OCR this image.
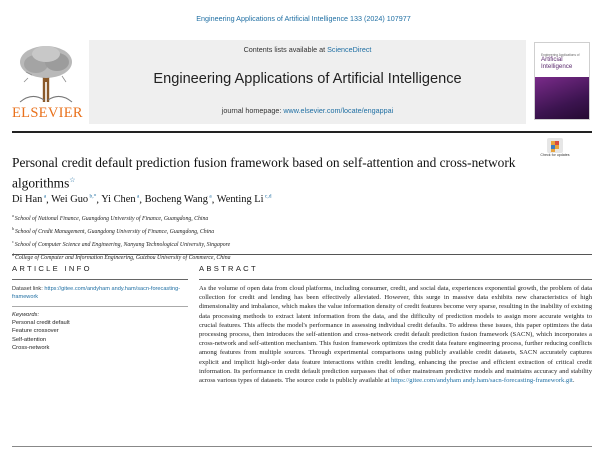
Engineering Applications of Artificial Intelligence 133 (2024) 107977
ELSEVIER
Contents lists available at ScienceDirect
Engineering Applications of Artificial Intelligence
journal homepage: www.elsevier.com/locate/engappai
Engineering Applications of
Artificial Intelligence
Check for updates
Personal credit default prediction fusion framework based on self-attention and cross-network algorithms☆
Di Han $^a$, Wei Guo $^{b,*}$, Yi Chen $^a$, Bocheng Wang $^a$, Wenting Li $^{c,d}$
$^a$ School of National Finance, Guangdong University of Finance, Guangdong, China
$^b$ School of Credit Management, Guangdong University of Finance, Guangdong, China
$^c$ School of Computer Science and Engineering, Nanyang Technological University, Singapore
College of Computer and Information Engineering, Guizhou University of Commerce, China
ARTICLE INFO	ABSTRACT
Dataset link: https://gitee.com/andyham andy.ham/sacn-forecasting-framework
Keywords:
Personal credit default
Feature crossover
Self-attention
Cross-network
As the volume of open data from cloud platforms, including consumer, credit, and social data, experiences exponential growth, the problem of data collection for credit and lending has been effectively alleviated. However, this surge in massive data exhibits new characteristics of high dimensionality and imbalance, which makes the value information density of credit features become very sparse, resulting in the inability of existing data processing methods to extract latent information from the data, and the difficulty of prediction models to assign more accurate weights to crucial features. This affects the model's performance in assessing individual credit defaults. To address these issues, this paper optimizes the data processing process, then introduces the self-attention and cross-network credit default prediction fusion framework (SACN), which incorporates a cross-network and self-attention mechanism. This fusion framework optimizes the credit data feature engineering process, further reducing conflicts among features from multiple sources. Through experimental comparisons using publicly available credit datasets, SACN accurately captures explicit and implicit high-order data feature interactions within credit lending, enhancing the precise and efficient extraction of critical credit information. Its performance in credit default prediction surpasses that of other mainstream predictive models and maintains accuracy and stability across various types of datasets. The source code is publicly available at https://gitee.com/andyham andy.ham/sacn-forecasting-framework.git.
